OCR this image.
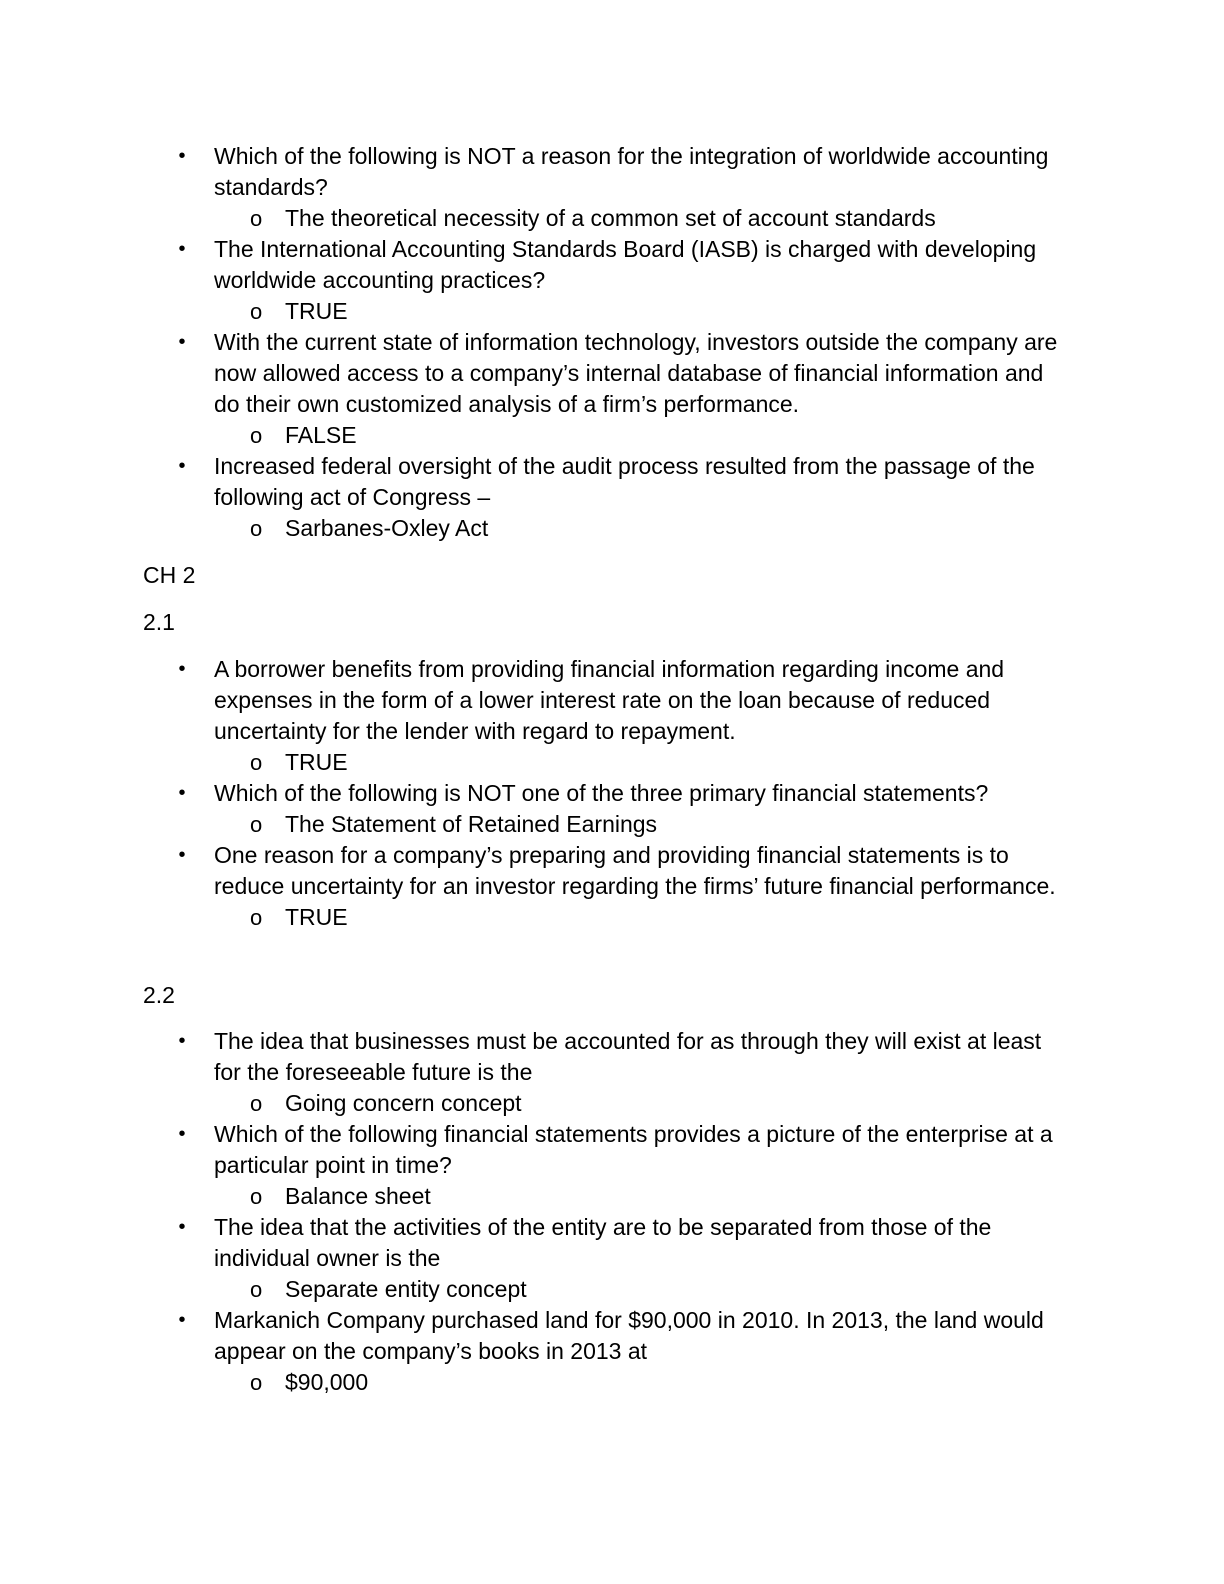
• Which of the following is NOT a reason for the integration of worldwide accounting standards?
o The theoretical necessity of a common set of account standards
• The International Accounting Standards Board (IASB) is charged with developing worldwide accounting practices?
o TRUE
• With the current state of information technology, investors outside the company are now allowed access to a company’s internal database of financial information and do their own customized analysis of a firm’s performance.
o FALSE
• Increased federal oversight of the audit process resulted from the passage of the following act of Congress –
o Sarbanes-Oxley Act
CH 2
2.1
• A borrower benefits from providing financial information regarding income and expenses in the form of a lower interest rate on the loan because of reduced uncertainty for the lender with regard to repayment.
o TRUE
• Which of the following is NOT one of the three primary financial statements?
o The Statement of Retained Earnings
• One reason for a company’s preparing and providing financial statements is to reduce uncertainty for an investor regarding the firms’ future financial performance.
o TRUE
2.2
• The idea that businesses must be accounted for as through they will exist at least for the foreseeable future is the
o Going concern concept
• Which of the following financial statements provides a picture of the enterprise at a particular point in time?
o Balance sheet
• The idea that the activities of the entity are to be separated from those of the individual owner is the
o Separate entity concept
• Markanich Company purchased land for $90,000 in 2010. In 2013, the land would appear on the company’s books in 2013 at
o $90,000
